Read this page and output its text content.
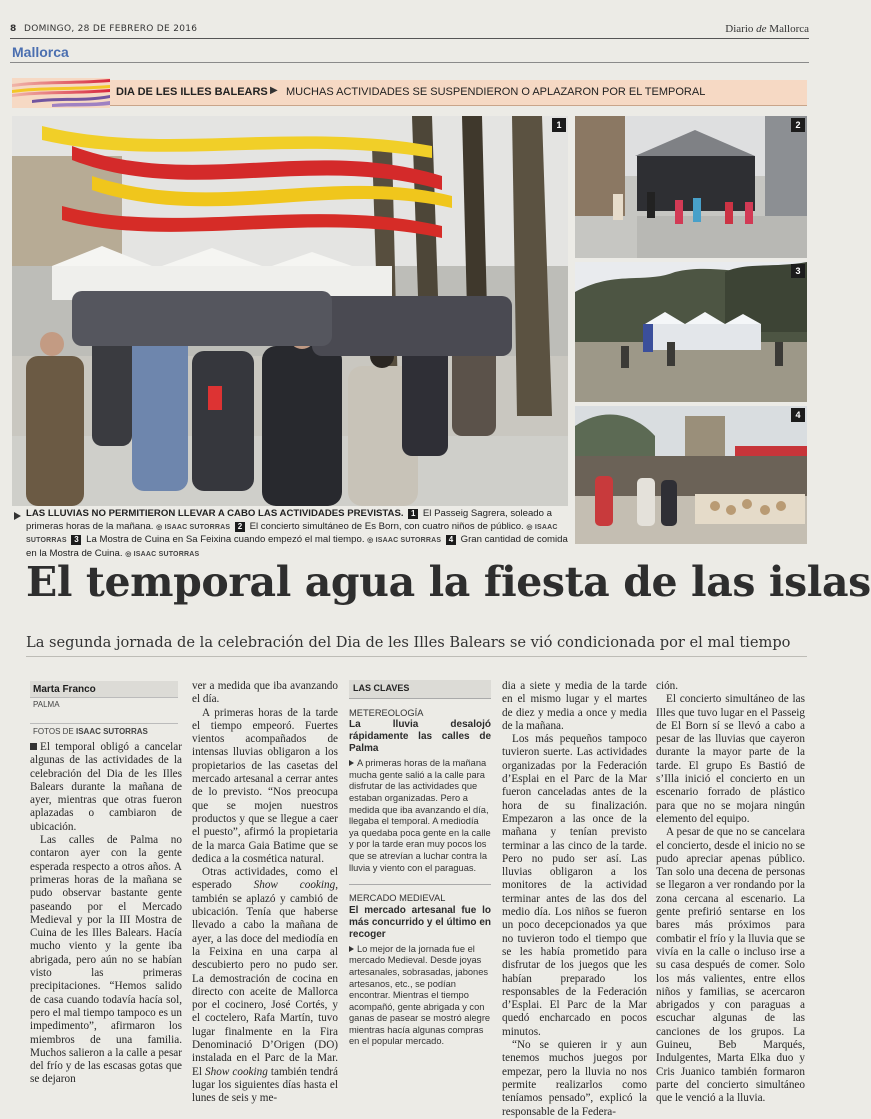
8 DOMINGO, 28 DE FEBRERO DE 2016	Diario de Mallorca
Mallorca
DIA DE LES ILLES BALEARS ▶ MUCHAS ACTIVIDADES SE SUSPENDIERON O APLAZARON POR EL TEMPORAL
1	2
3
4
LAS LLUVIAS NO PERMITIERON LLEVAR A CABO LAS ACTIVIDADES PREVISTAS. 1 El Passeig Sagrera, soleado a primeras horas de la mañana. ◎ ISAAC SUTORRAS 2 El concierto simultáneo de Es Born, con cuatro niños de público. ◎ ISAAC SUTORRAS 3 La Mostra de Cuina en Sa Feixina cuando empezó el mal tiempo. ◎ ISAAC SUTORRAS 4 Gran cantidad de comida en la Mostra de Cuina. ◎ ISAAC SUTORRAS
El temporal agua la fiesta de las islas
La segunda jornada de la celebración del Dia de les Illes Balears se vió condicionada por el mal tiempo
Marta Franco
PALMA
FOTOS DE ISAAC SUTORRAS

El temporal obligó a cancelar algunas de las actividades de la celebración del Dia de les Illes Balears durante la mañana de ayer, mientras que otras fueron aplazadas o cambiaron de ubicación.

Las calles de Palma no contaron ayer con la gente esperada respecto a otros años. A primeras horas de la mañana se pudo observar bastante gente paseando por el Mercado Medieval y por la III Mostra de Cuina de les Illes Balears. Hacía mucho viento y la gente iba abrigada, pero aún no se habían visto las primeras precipitaciones. “Hemos salido de casa cuando todavía hacía sol, pero el mal tiempo tampoco es un impedimento”, afirmaron los miembros de una familia. Muchos salieron a la calle a pesar del frío y de las escasas gotas que se dejaron

ver a medida que iba avanzando el día.

A primeras horas de la tarde el tiempo empeoró. Fuertes vientos acompañados de intensas lluvias obligaron a los propietarios de las casetas del mercado artesanal a cerrar antes de lo previsto. “Nos preocupa que se mojen nuestros productos y que se llegue a caer el puesto”, afirmó la propietaria de la marca Gaia Batime que se dedica a la cosmética natural.

Otras actividades, como el esperado Show cooking, también se aplazó y cambió de ubicación. Tenía que haberse llevado a cabo la mañana de ayer, a las doce del mediodía en la Feixina en una carpa al descubierto pero no pudo ser. La demostración de cocina en directo con aceite de Mallorca por el cocinero, José Cortés, y el coctelero, Rafa Martín, tuvo lugar finalmente en la Fira Denominació D’Origen (DO) instalada en el Parc de la Mar. El Show cooking también tendrá lugar los siguientes días hasta el lunes de seis y me-

LAS CLAVES
METEREOLOGÍA
La lluvia desalojó rápidamente las calles de Palma
A primeras horas de la mañana mucha gente salió a la calle para disfrutar de las actividades que estaban organizadas. Pero a medida que iba avanzando el día, llegaba el temporal. A mediodía ya quedaba poca gente en la calle y por la tarde eran muy pocos los que se atrevían a luchar contra la lluvia y viento con el paraguas.
MERCADO MEDIEVAL
El mercado artesanal fue lo más concurrido y el último en recoger
Lo mejor de la jornada fue el mercado Medieval. Desde joyas artesanales, sobrasadas, jabones artesanos, etc., se podían encontrar. Mientras el tiempo acompañó, gente abrigada y con ganas de pasear se mostró alegre mientras hacía algunas compras en el popular mercado.

dia a siete y media de la tarde en el mismo lugar y el martes de diez y media a once y media de la mañana.

Los más pequeños tampoco tuvieron suerte. Las actividades organizadas por la Federación d’Esplai en el Parc de la Mar fueron canceladas antes de la hora de su finalización. Empezaron a las once de la mañana y tenían previsto terminar a las cinco de la tarde. Pero no pudo ser así. Las lluvias obligaron a los monitores de la actividad terminar antes de las dos del medio día. Los niños se fueron un poco decepcionados ya que no tuvieron todo el tiempo que se les había prometido para disfrutar de los juegos que les habían preparado los responsables de la Federación d’Esplai. El Parc de la Mar quedó encharcado en pocos minutos.

“No se quieren ir y aun tenemos muchos juegos por empezar, pero la lluvia no nos permite realizarlos como teníamos pensado”, explicó la responsable de la Federa-

ción.

El concierto simultáneo de las Illes que tuvo lugar en el Passeig de El Born sí se llevó a cabo a pesar de las lluvias que cayeron durante la mayor parte de la tarde. El grupo Es Bastió de s’Illa inició el concierto en un escenario forrado de plástico para que no se mojara ningún elemento del equipo.

A pesar de que no se cancelara el concierto, desde el inicio no se pudo apreciar apenas público. Tan solo una decena de personas se llegaron a ver rondando por la zona cercana al escenario. La gente prefirió sentarse en los bares más próximos para combatir el frío y la lluvia que se vivía en la calle o incluso irse a su casa después de comer. Solo los más valientes, entre ellos niños y familias, se acercaron abrigados y con paraguas a escuchar algunas de las canciones de los grupos. La Guineu, Beb Marqués, Indulgentes, Marta Elka duo y Cris Juanico también formaron parte del concierto simultáneo que le venció a la lluvia.
